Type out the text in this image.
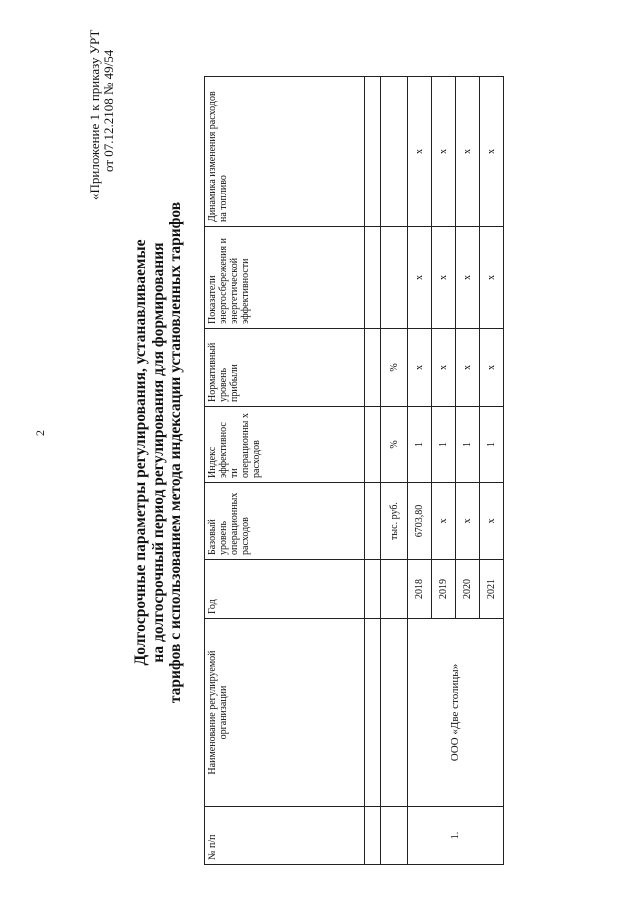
2
«Приложение 1 к приказу УРТ от 07.12.2108 № 49/54
Долгосрочные параметры регулирования, устанавливаемые на долгосрочный период регулирования для формирования тарифов с использованием метода индексации установленных тарифов
№ п/п	Наименование регулируемой организации	Год	Базовый уровень операционных расходов	Индекс эффективнос ти операционны х расходов	Нормативный уровень прибыли	Показатели энергосбережения и энергетической эффективности	Динамика изменения расходов на топливо

			тыс. руб.	%	%		
1.	ООО «Две столицы»	2018	6703,80	1	х	х	х
		2019	х	1	х	х	х
		2020	х	1	х	х	х
		2021	х	1	х	х	х
